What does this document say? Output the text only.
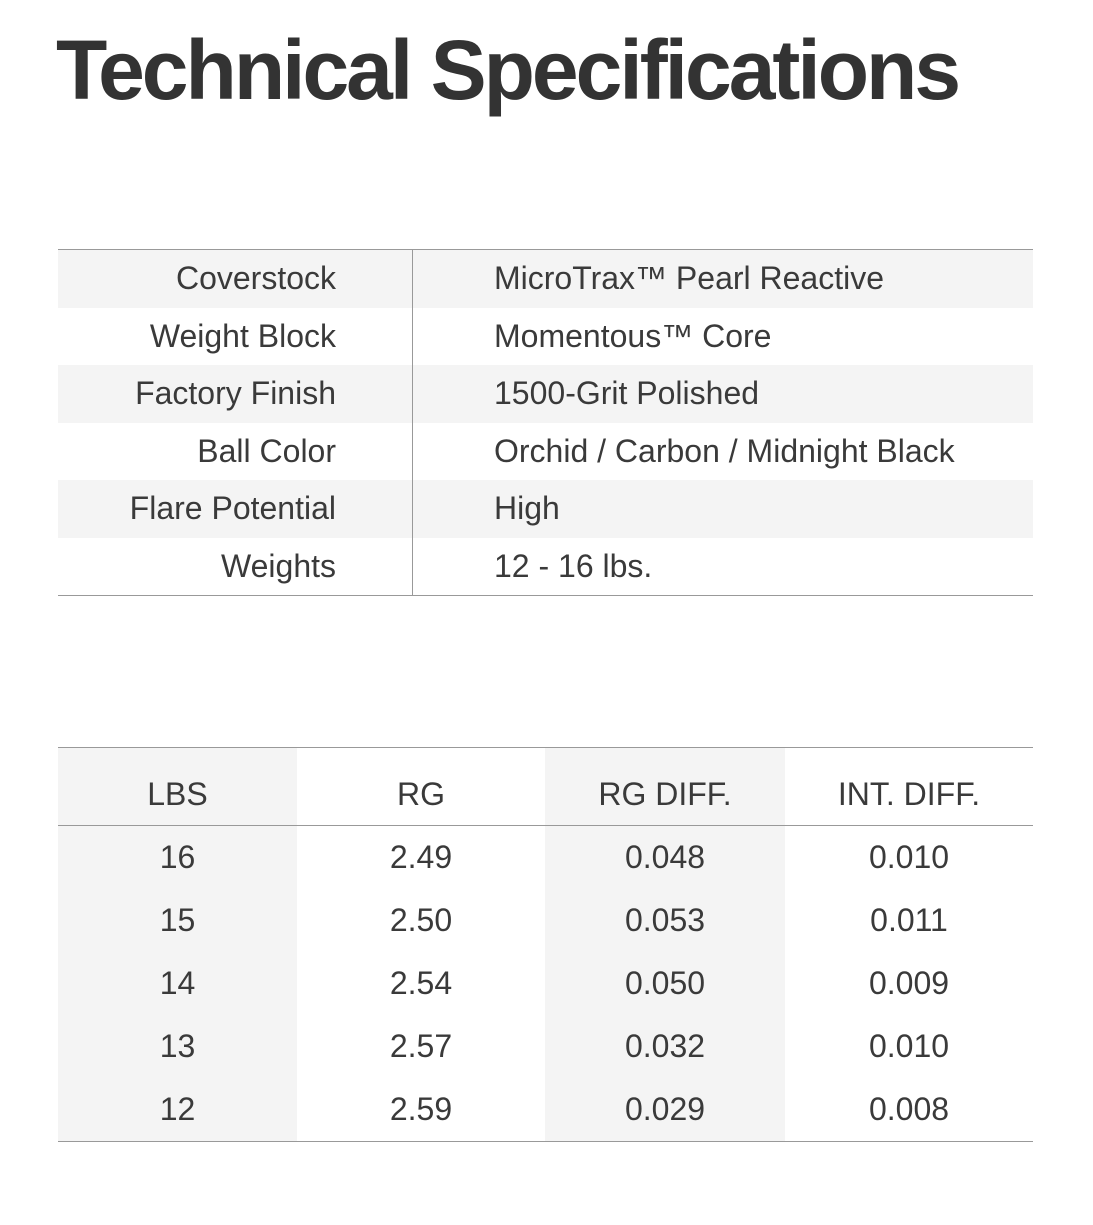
Technical Specifications
Coverstock	MicroTrax™ Pearl Reactive
Weight Block	Momentous™ Core
Factory Finish	1500-Grit Polished
Ball Color	Orchid / Carbon / Midnight Black
Flare Potential	High
Weights	12 - 16 lbs.
LBS	RG	RG DIFF.	INT. DIFF.
16	2.49	0.048	0.010
15	2.50	0.053	0.011
14	2.54	0.050	0.009
13	2.57	0.032	0.010
12	2.59	0.029	0.008
